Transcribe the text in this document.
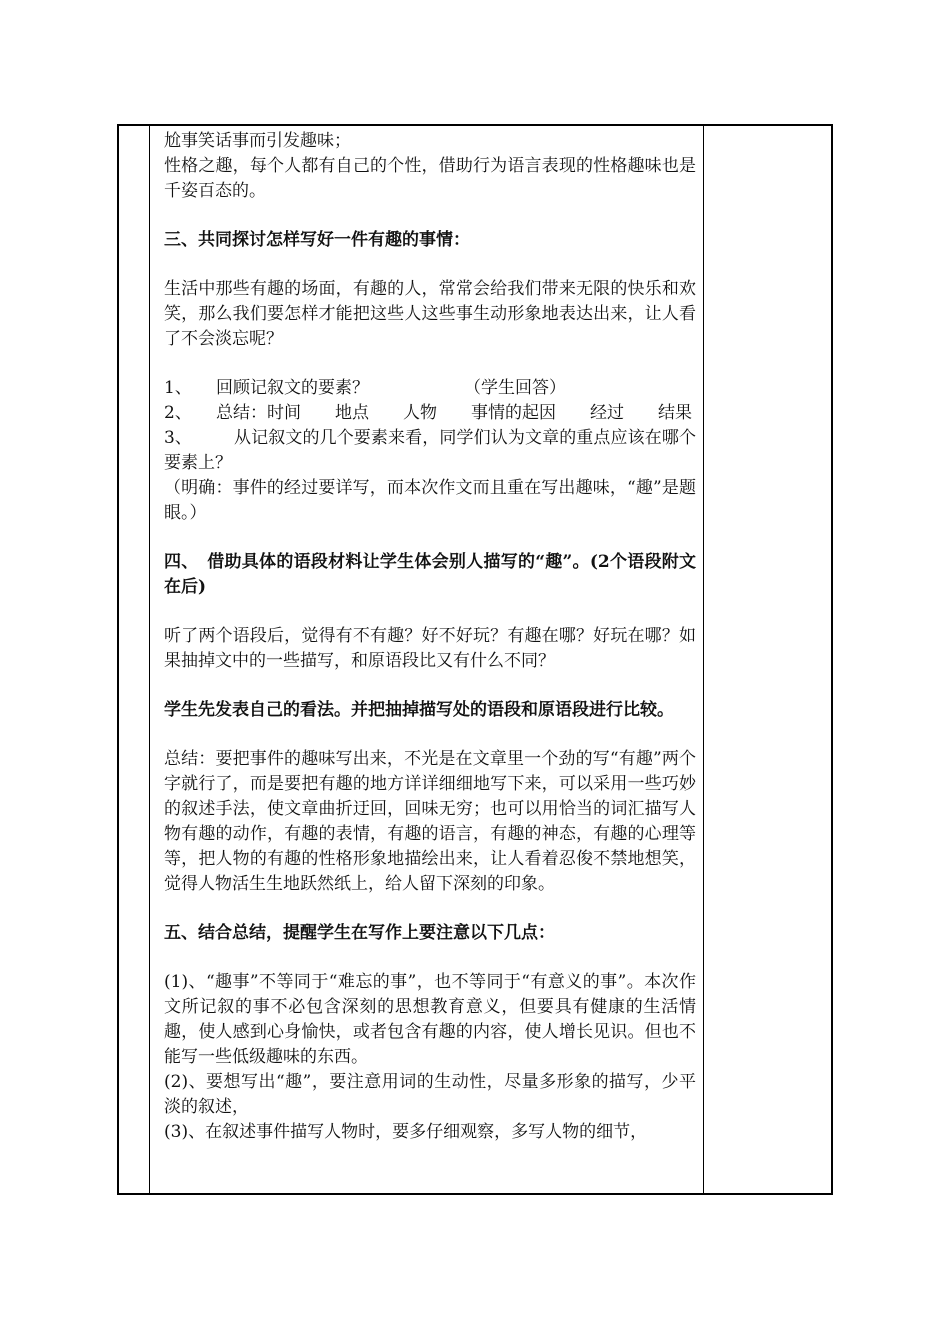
尬事笑话事而引发趣味；

性格之趣，每个人都有自己的个性，借助行为语言表现的性格趣味也是千姿百态的。

三、共同探讨怎样写好一件有趣的事情：

生活中那些有趣的场面，有趣的人，常常会给我们带来无限的快乐和欢笑，那么我们要怎样才能把这些人这些事生动形象地表达出来，让人看了不会淡忘呢？

1、	回顾记叙文的要素？	（学生回答）
2、	总结：时间　　地点　　人物　　事情的起因　　经过　　结果
3、	从记叙文的几个要素来看，同学们认为文章的重点应该在哪个要素上？

（明确：事件的经过要详写，而本次作文而且重在写出趣味，“趣”是题眼。）

四、　借助具体的语段材料让学生体会别人描写的“趣”。(2个语段附文在后)

听了两个语段后，觉得有不有趣？好不好玩？有趣在哪？好玩在哪？如果抽掉文中的一些描写，和原语段比又有什么不同？

学生先发表自己的看法。并把抽掉描写处的语段和原语段进行比较。

总结：要把事件的趣味写出来，不光是在文章里一个劲的写“有趣”两个字就行了，而是要把有趣的地方详详细细地写下来，可以采用一些巧妙的叙述手法，使文章曲折迂回，回味无穷；也可以用恰当的词汇描写人物有趣的动作，有趣的表情，有趣的语言，有趣的神态，有趣的心理等等，把人物的有趣的性格形象地描绘出来，让人看着忍俊不禁地想笑，觉得人物活生生地跃然纸上，给人留下深刻的印象。

五、结合总结，提醒学生在写作上要注意以下几点：

(1)、“趣事”不等同于“难忘的事”，也不等同于“有意义的事”。本次作文所记叙的事不必包含深刻的思想教育意义，但要具有健康的生活情趣，使人感到心身愉快，或者包含有趣的内容，使人增长见识。但也不能写一些低级趣味的东西。

(2)、要想写出“趣”，要注意用词的生动性，尽量多形象的描写，少平淡的叙述，

(3)、在叙述事件描写人物时，要多仔细观察，多写人物的细节，
